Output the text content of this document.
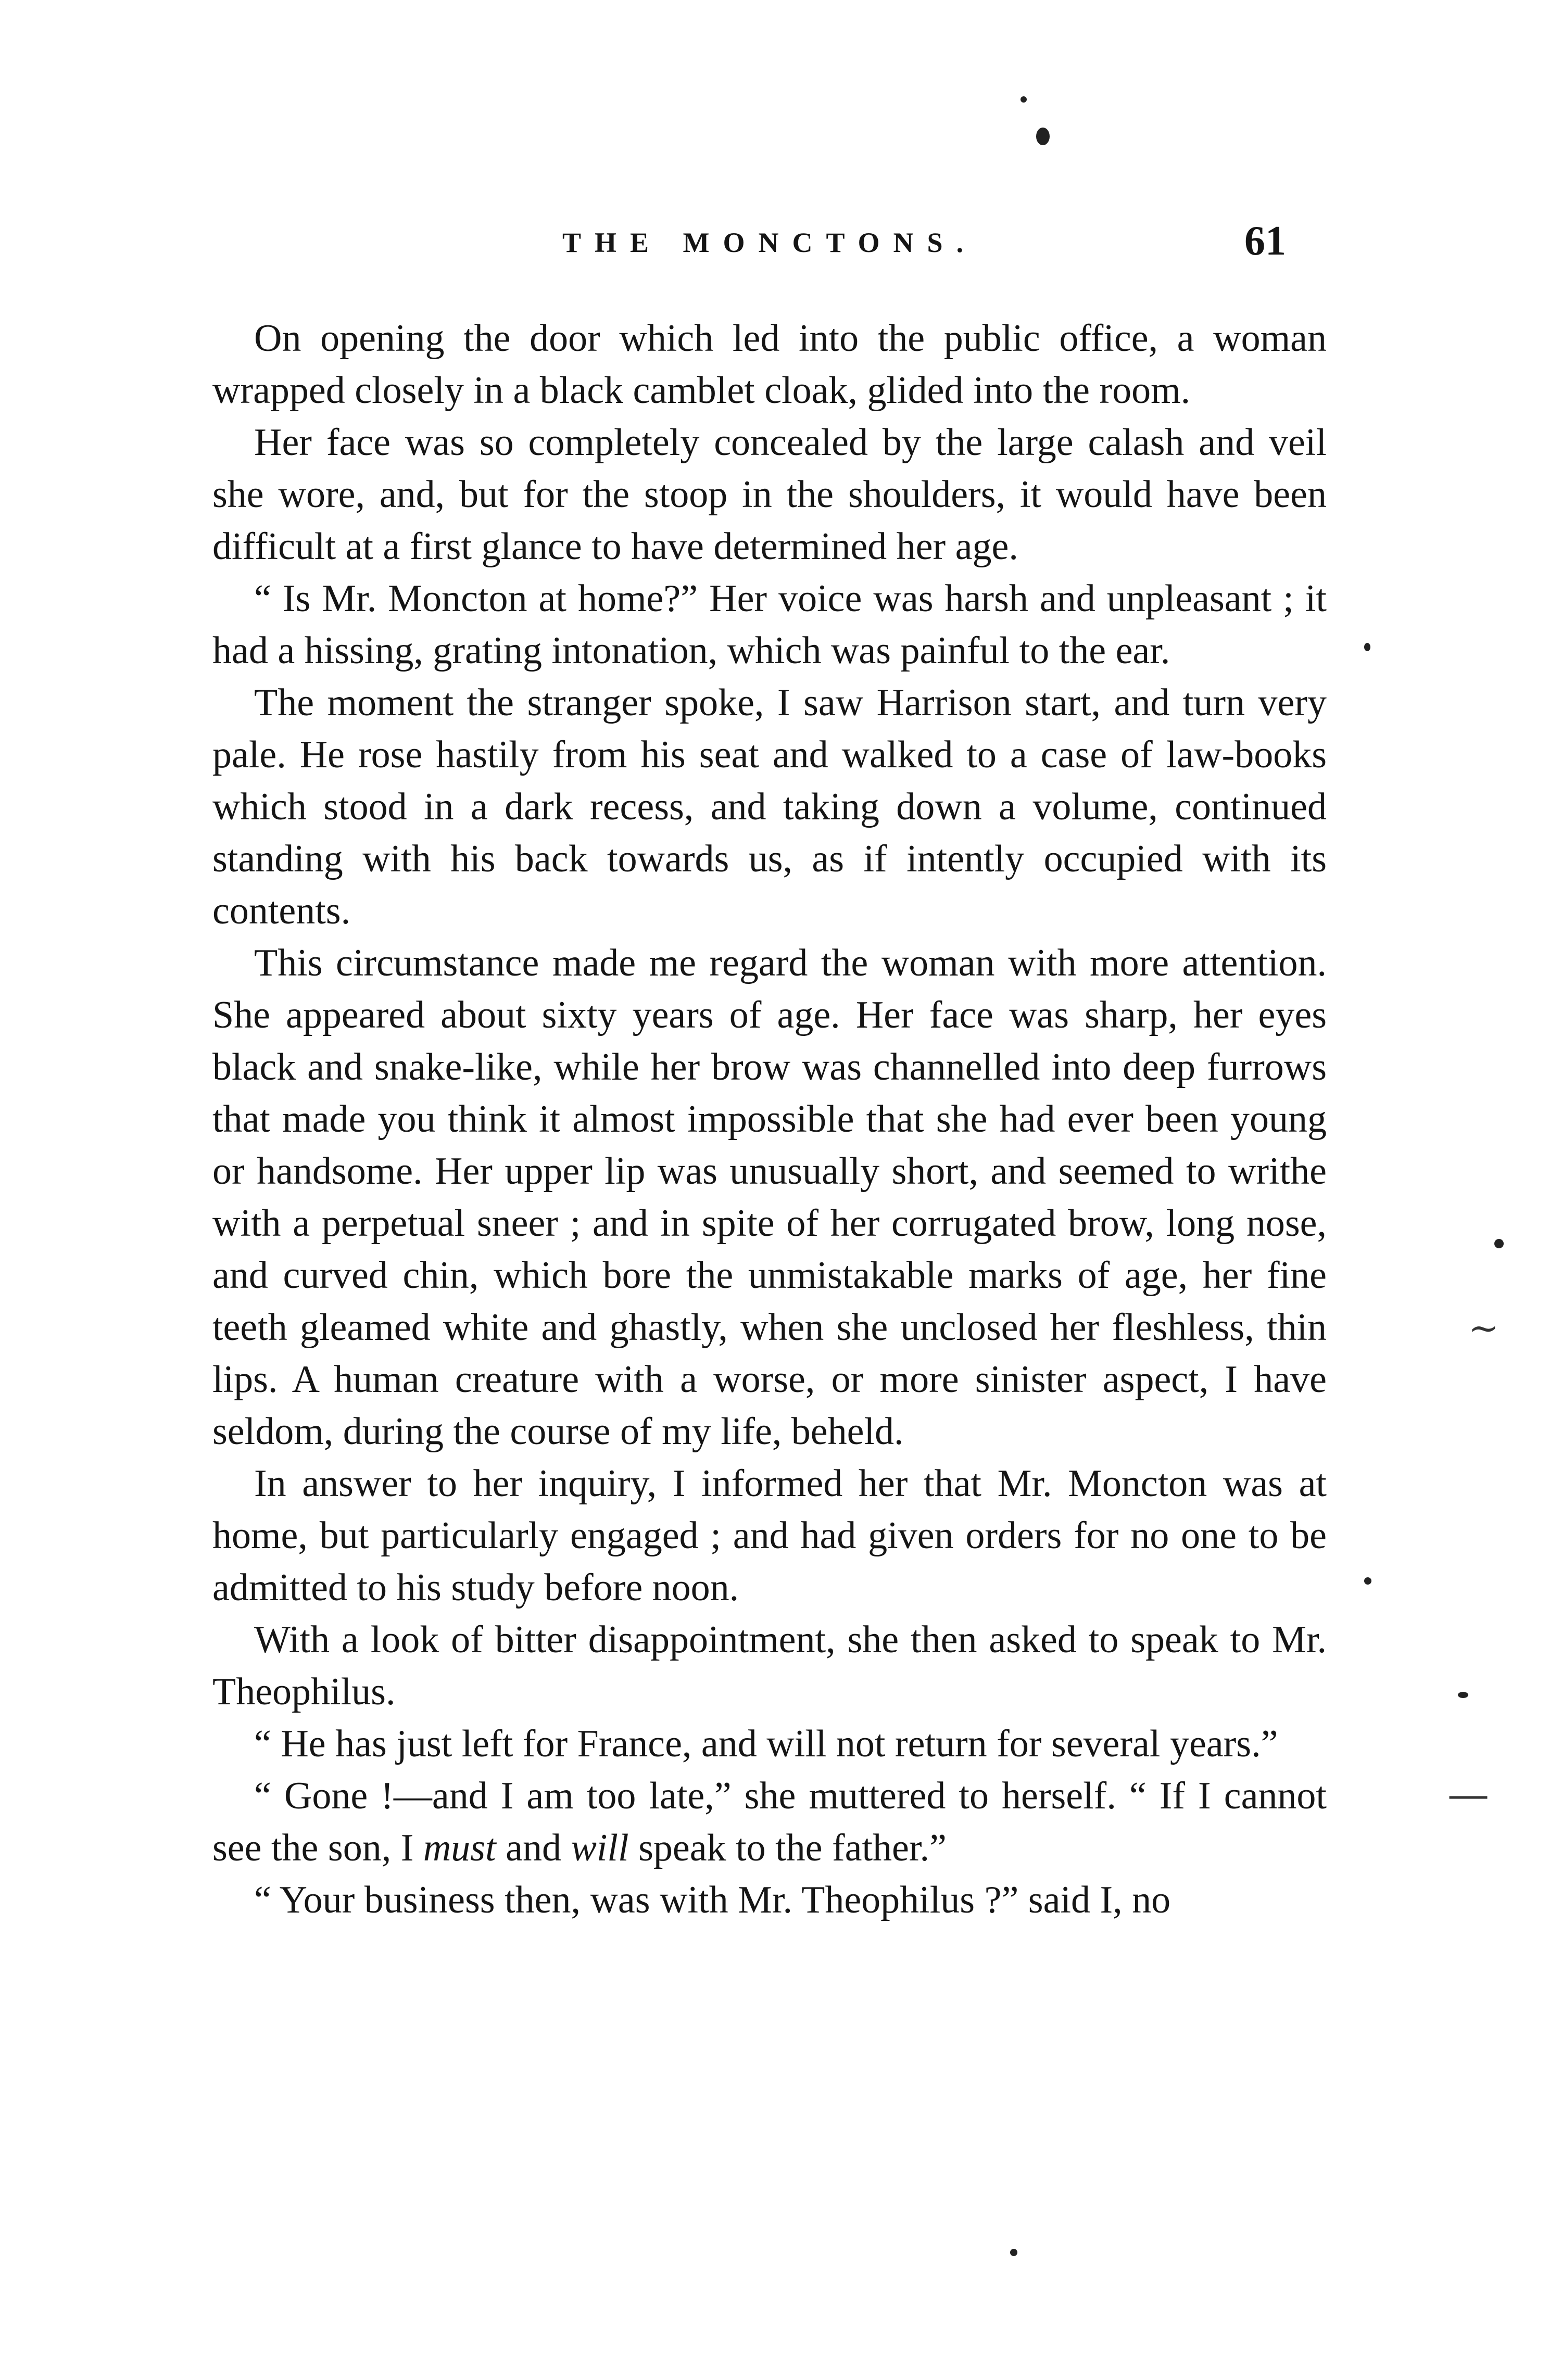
THE MONCTONS.	61

On opening the door which led into the public office, a woman wrapped closely in a black camblet cloak, glided into the room.

Her face was so completely concealed by the large calash and veil she wore, and, but for the stoop in the shoulders, it would have been difficult at a first glance to have determined her age.

“ Is Mr. Moncton at home?” Her voice was harsh and unpleasant ; it had a hissing, grating intonation, which was painful to the ear.

The moment the stranger spoke, I saw Harrison start, and turn very pale. He rose hastily from his seat and walked to a case of law-books which stood in a dark recess, and taking down a volume, continued standing with his back towards us, as if intently occupied with its contents.

This circumstance made me regard the woman with more attention. She appeared about sixty years of age. Her face was sharp, her eyes black and snake-like, while her brow was channelled into deep furrows that made you think it almost impossible that she had ever been young or handsome. Her upper lip was unusually short, and seemed to writhe with a perpetual sneer ; and in spite of her corrugated brow, long nose, and curved chin, which bore the unmistakable marks of age, her fine teeth gleamed white and ghastly, when she unclosed her fleshless, thin lips. A human creature with a worse, or more sinister aspect, I have seldom, during the course of my life, beheld.

In answer to her inquiry, I informed her that Mr. Moncton was at home, but particularly engaged ; and had given orders for no one to be admitted to his study before noon.

With a look of bitter disappointment, she then asked to speak to Mr. Theophilus.

“ He has just left for France, and will not return for several years.”

“ Gone !—and I am too late,” she muttered to herself. “ If I cannot see the son, I must and will speak to the father.”

“ Your business then, was with Mr. Theophilus ?” said I, no

~
—
